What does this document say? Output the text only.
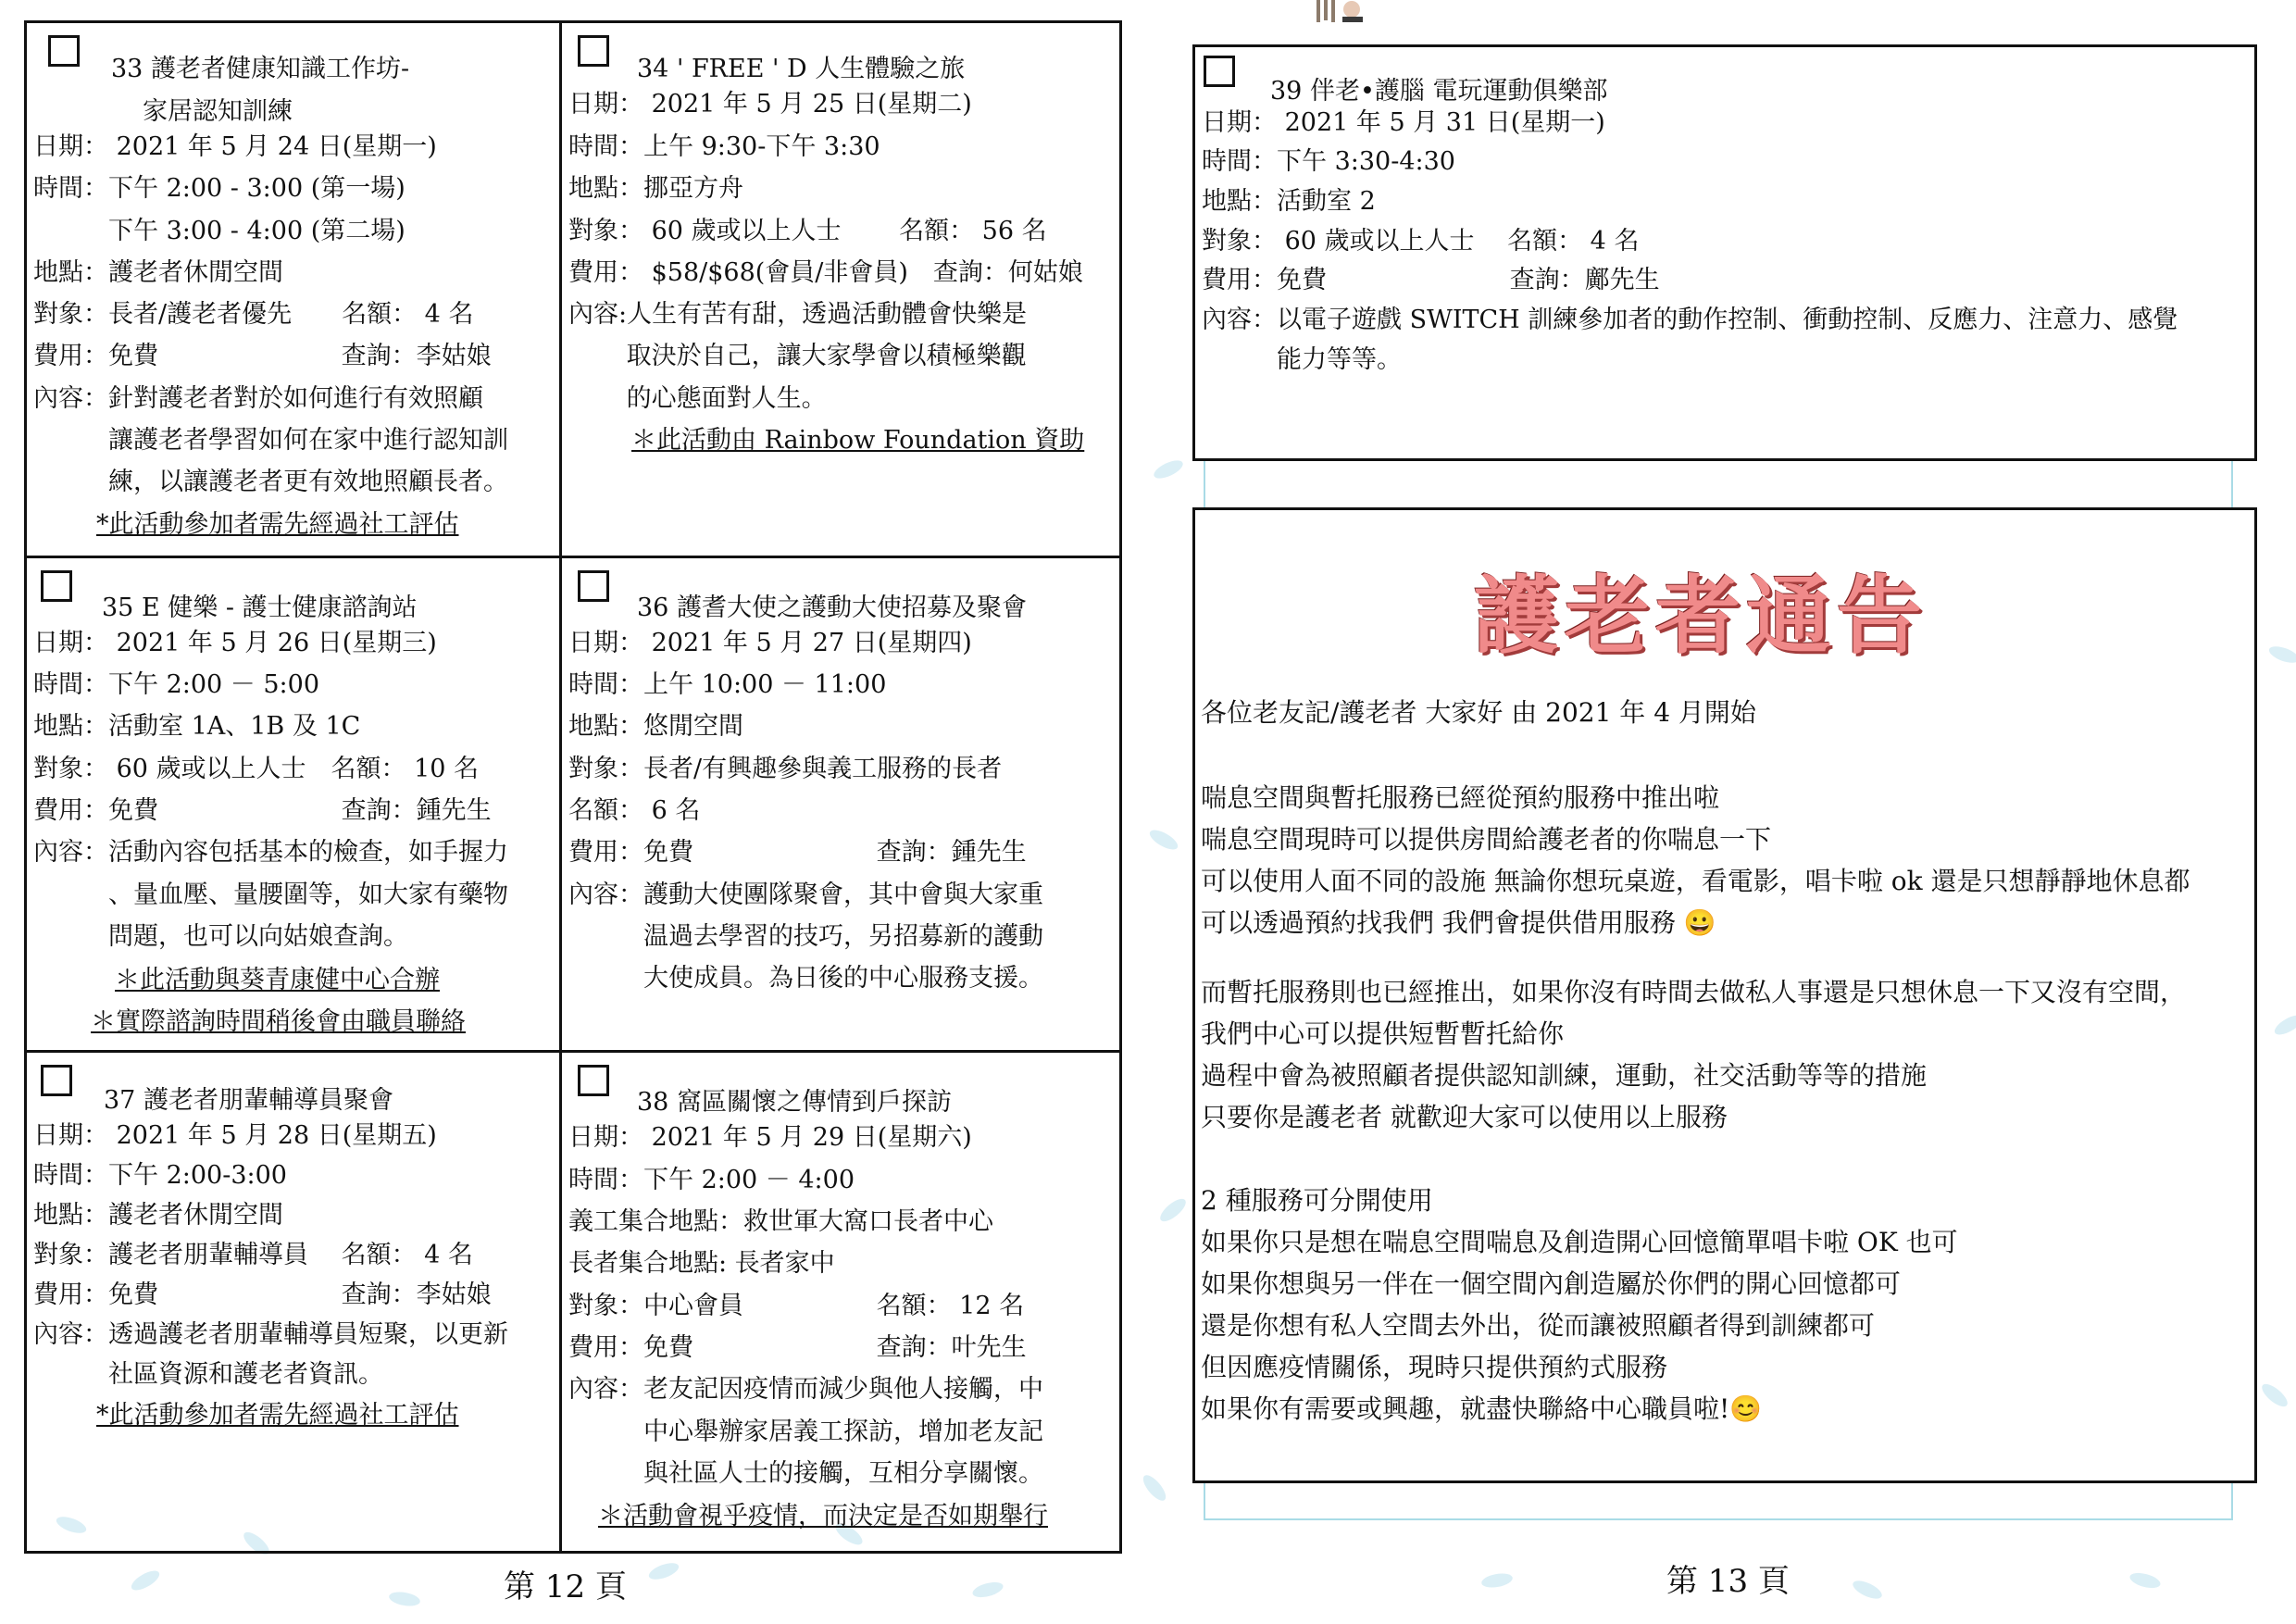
33 護老者健康知識工作坊-
家居認知訓練
日期： 2021 年 5 月 24 日(星期一)
時間：下午 2:00 - 3:00 (第一場)
　　　下午 3:00 - 4:00 (第二場)
地點：護老者休閒空間
對象：長者/護老者優先　　名額： 4 名
費用：免費　　　　　　　 查詢：李姑娘
內容：針對護老者對於如何進行有效照顧
　　　讓護老者學習如何在家中進行認知訓
　　　練，以讓護老者更有效地照顧長者。
*此活動參加者需先經過社工評估
34 ' FREE ' D 人生體驗之旅
日期： 2021 年 5 月 25 日(星期二)
時間：上午 9:30-下午 3:30
地點：挪亞方舟
對象： 60 歲或以上人士　　 名額： 56 名
費用： $58/$68(會員/非會員)　查詢：何姑娘
內容:人生有苦有甜，透過活動體會快樂是
　　 取決於自己，讓大家學會以積極樂觀
　　 的心態面對人生。
＊此活動由 Rainbow Foundation 資助
35 E 健樂 - 護士健康諮詢站
日期： 2021 年 5 月 26 日(星期三)
時間：下午 2:00 － 5:00
地點：活動室 1A、1B 及 1C
對象： 60 歲或以上人士　名額： 10 名
費用：免費　　　　　　　 查詢：鍾先生
內容：活動內容包括基本的檢查，如手握力
　　　、量血壓、量腰圍等，如大家有藥物
　　　問題，也可以向姑娘查詢。
＊此活動與葵青康健中心合辦
＊實際諮詢時間稍後會由職員聯絡
36 護耆大使之護動大使招募及聚會
日期： 2021 年 5 月 27 日(星期四)
時間：上午 10:00 － 11:00
地點：悠閒空間
對象：長者/有興趣參與義工服務的長者
名額： 6 名
費用：免費　　　　　　　 查詢：鍾先生
內容：護動大使團隊聚會，其中會與大家重
　　　温過去學習的技巧，另招募新的護動
　　　大使成員。為日後的中心服務支援。
37 護老者朋輩輔導員聚會
日期： 2021 年 5 月 28 日(星期五)
時間：下午 2:00-3:00
地點：護老者休閒空間
對象：護老者朋輩輔導員　 名額： 4 名
費用：免費　　　　　　　 查詢：李姑娘
內容：透過護老者朋輩輔導員短聚，以更新
　　　社區資源和護老者資訊。
*此活動參加者需先經過社工評估
38 窩區關懷之傳情到戶探訪
日期： 2021 年 5 月 29 日(星期六)
時間：下午 2:00 － 4:00
義工集合地點：救世軍大窩口長者中心
長者集合地點: 長者家中
對象：中心會員　　　　　 名額： 12 名
費用：免費　　　　　　　 查詢：叶先生
內容：老友記因疫情而減少與他人接觸，中
　　　中心舉辦家居義工探訪，增加老友記
　　　與社區人士的接觸，互相分享關懷。
＊活動會視乎疫情，而決定是否如期舉行
第 12 頁
39 伴老•護腦 電玩運動俱樂部
日期： 2021 年 5 月 31 日(星期一)
時間：下午 3:30-4:30
地點：活動室 2
對象： 60 歲或以上人士　 名額： 4 名
費用：免費　　　　　　　 查詢：鄺先生
內容：以電子遊戲 SWITCH 訓練參加者的動作控制、衝動控制、反應力、注意力、感覺
　　　能力等等。
護老者通告
各位老友記/護老者 大家好 由 2021 年 4 月開始
喘息空間與暫托服務已經從預約服務中推出啦
喘息空間現時可以提供房間給護老者的你喘息一下
可以使用人面不同的設施 無論你想玩桌遊，看電影，唱卡啦 ok 還是只想靜靜地休息都
可以透過預約找我們 我們會提供借用服務 😀
而暫托服務則也已經推出，如果你沒有時間去做私人事還是只想休息一下又沒有空間，
我們中心可以提供短暫暫托給你
過程中會為被照顧者提供認知訓練，運動，社交活動等等的措施
只要你是護老者 就歡迎大家可以使用以上服務
2 種服務可分開使用
如果你只是想在喘息空間喘息及創造開心回憶簡單唱卡啦 OK 也可
如果你想與另一伴在一個空間內創造屬於你們的開心回憶都可
還是你想有私人空間去外出，從而讓被照顧者得到訓練都可
但因應疫情關係，現時只提供預約式服務
如果你有需要或興趣，就盡快聯絡中心職員啦!😊
第 13 頁
